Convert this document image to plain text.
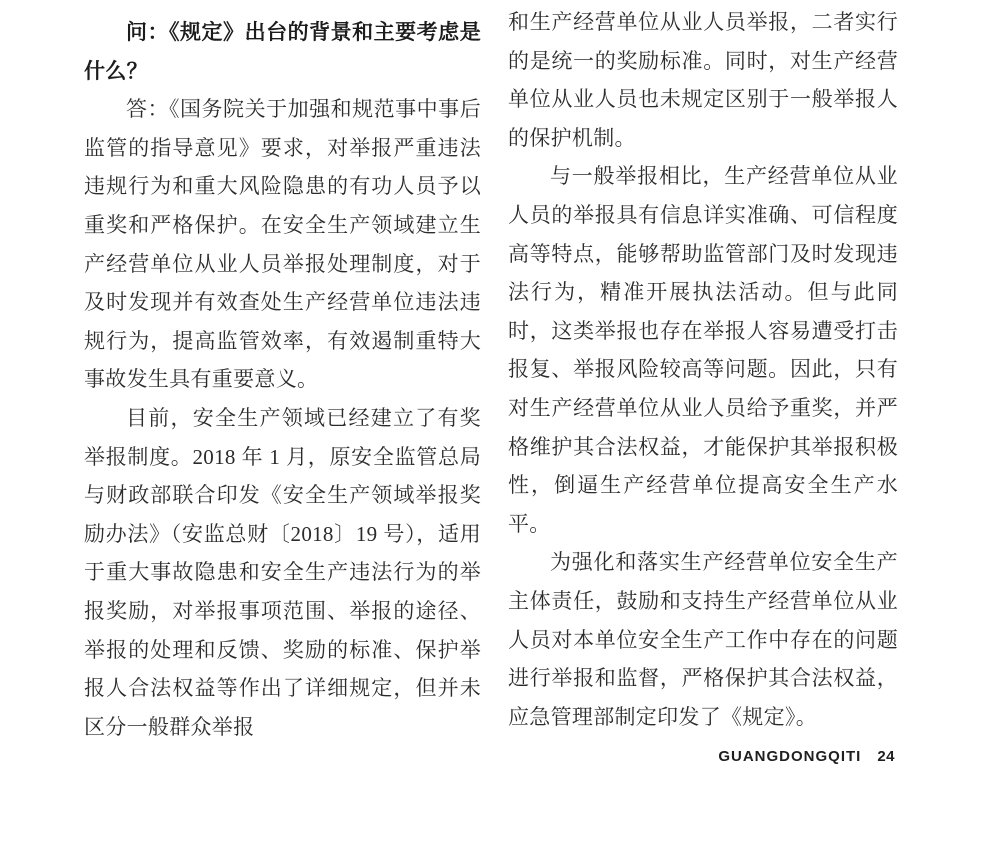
问：《规定》出台的背景和主要考虑是什么？

答：《国务院关于加强和规范事中事后监管的指导意见》要求，对举报严重违法违规行为和重大风险隐患的有功人员予以重奖和严格保护。在安全生产领域建立生产经营单位从业人员举报处理制度，对于及时发现并有效查处生产经营单位违法违规行为，提高监管效率，有效遏制重特大事故发生具有重要意义。

目前，安全生产领域已经建立了有奖举报制度。2018 年 1 月，原安全监管总局与财政部联合印发《安全生产领域举报奖励办法》（安监总财〔2018〕19 号），适用于重大事故隐患和安全生产违法行为的举报奖励，对举报事项范围、举报的途径、举报的处理和反馈、奖励的标准、保护举报人合法权益等作出了详细规定，但并未区分一般群众举报

和生产经营单位从业人员举报，二者实行的是统一的奖励标准。同时，对生产经营单位从业人员也未规定区别于一般举报人的保护机制。

与一般举报相比，生产经营单位从业人员的举报具有信息详实准确、可信程度高等特点，能够帮助监管部门及时发现违法行为，精准开展执法活动。但与此同时，这类举报也存在举报人容易遭受打击报复、举报风险较高等问题。因此，只有对生产经营单位从业人员给予重奖，并严格维护其合法权益，才能保护其举报积极性，倒逼生产经营单位提高安全生产水平。

为强化和落实生产经营单位安全生产主体责任，鼓励和支持生产经营单位从业人员对本单位安全生产工作中存在的问题进行举报和监督，严格保护其合法权益，应急管理部制定印发了《规定》。

GUANGDONGQITI 24
